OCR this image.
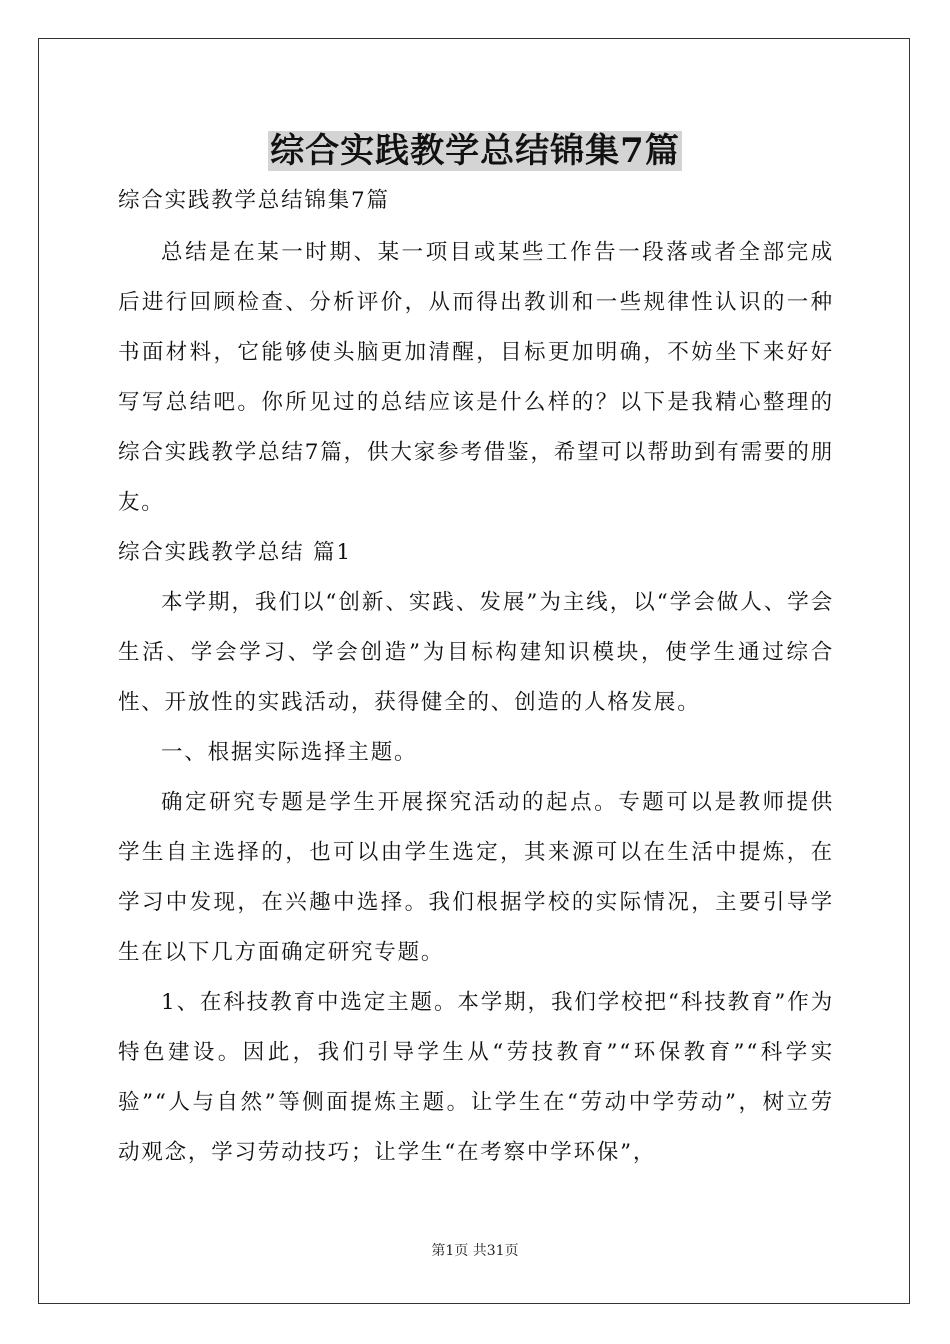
综合实践教学总结锦集7篇

综合实践教学总结锦集7篇

总结是在某一时期、某一项目或某些工作告一段落或者全部完成后进行回顾检查、分析评价，从而得出教训和一些规律性认识的一种书面材料，它能够使头脑更加清醒，目标更加明确，不妨坐下来好好写写总结吧。你所见过的总结应该是什么样的？以下是我精心整理的综合实践教学总结7篇，供大家参考借鉴，希望可以帮助到有需要的朋友。

综合实践教学总结 篇1

本学期，我们以“创新、实践、发展”为主线，以“学会做人、学会生活、学会学习、学会创造”为目标构建知识模块，使学生通过综合性、开放性的实践活动，获得健全的、创造的人格发展。

一、根据实际选择主题。

确定研究专题是学生开展探究活动的起点。专题可以是教师提供学生自主选择的，也可以由学生选定，其来源可以在生活中提炼，在学习中发现，在兴趣中选择。我们根据学校的实际情况，主要引导学生在以下几方面确定研究专题。

1、在科技教育中选定主题。本学期，我们学校把“科技教育”作为特色建设。因此，我们引导学生从“劳技教育”“环保教育”“科学实验”“人与自然”等侧面提炼主题。让学生在“劳动中学劳动”，树立劳动观念，学习劳动技巧；让学生“在考察中学环保”，

第1页 共31页
